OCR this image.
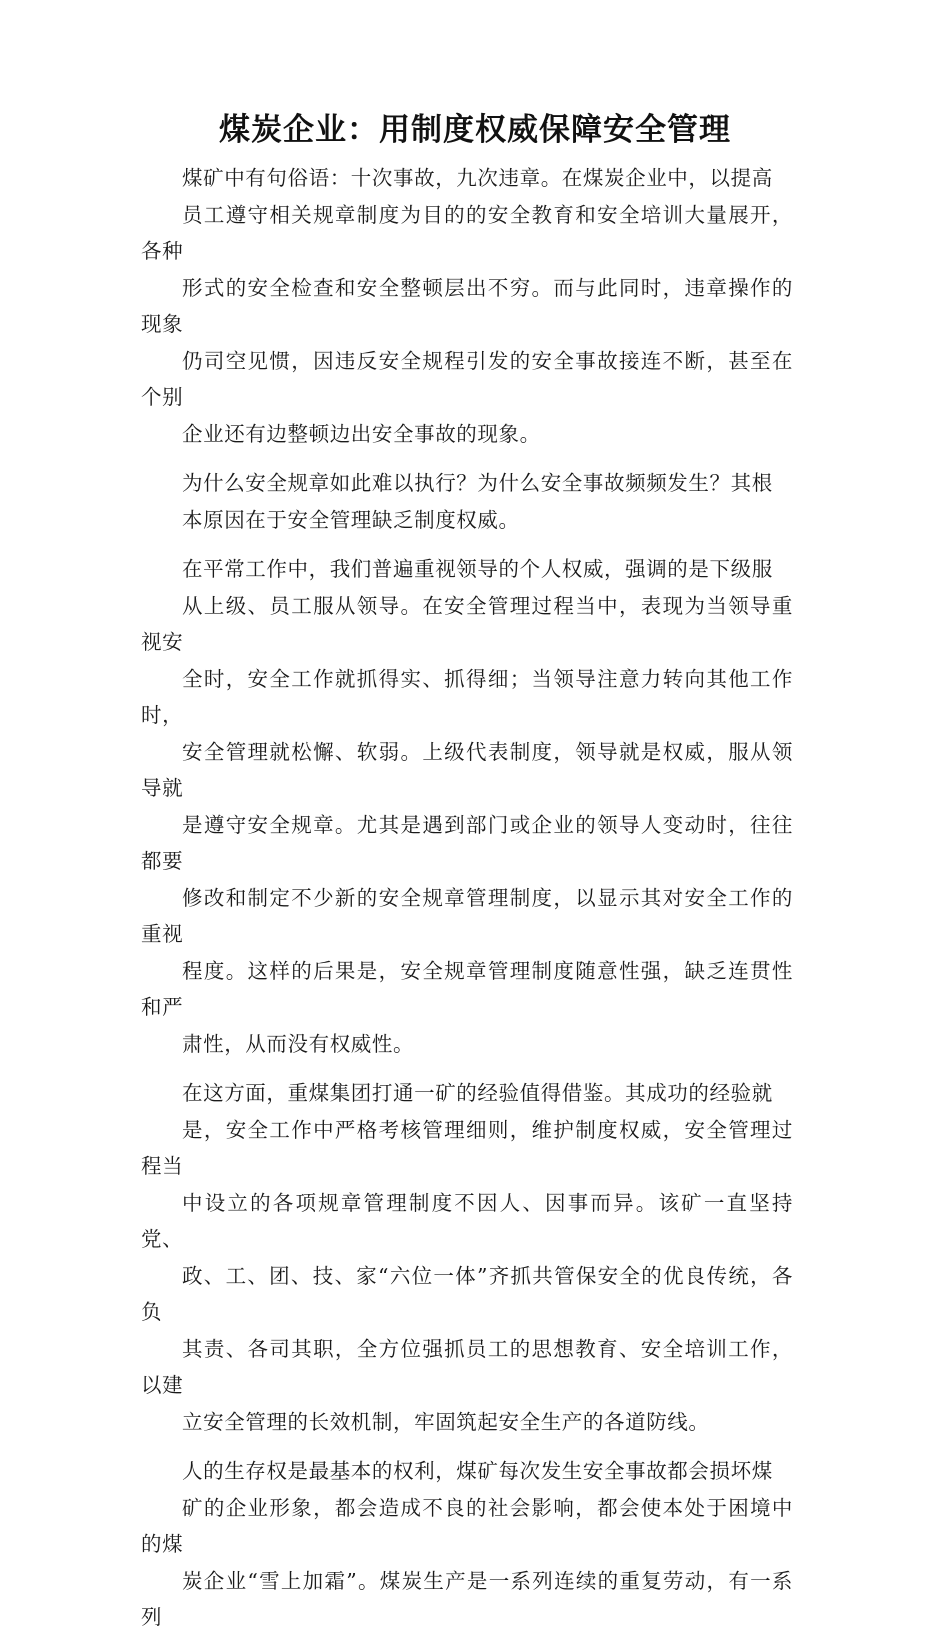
煤炭企业：用制度权威保障安全管理

煤矿中有句俗语：十次事故，九次违章。在煤炭企业中，以提高
员工遵守相关规章制度为目的的安全教育和安全培训大量展开，各种
形式的安全检查和安全整顿层出不穷。而与此同时，违章操作的现象
仍司空见惯，因违反安全规程引发的安全事故接连不断，甚至在个别
企业还有边整顿边出安全事故的现象。

为什么安全规章如此难以执行？为什么安全事故频频发生？其根
本原因在于安全管理缺乏制度权威。

在平常工作中，我们普遍重视领导的个人权威，强调的是下级服
从上级、员工服从领导。在安全管理过程当中，表现为当领导重视安
全时，安全工作就抓得实、抓得细；当领导注意力转向其他工作时，
安全管理就松懈、软弱。上级代表制度，领导就是权威，服从领导就
是遵守安全规章。尤其是遇到部门或企业的领导人变动时，往往都要
修改和制定不少新的安全规章管理制度，以显示其对安全工作的重视
程度。这样的后果是，安全规章管理制度随意性强，缺乏连贯性和严
肃性，从而没有权威性。

在这方面，重煤集团打通一矿的经验值得借鉴。其成功的经验就
是，安全工作中严格考核管理细则，维护制度权威，安全管理过程当
中设立的各项规章管理制度不因人、因事而异。该矿一直坚持党、
政、工、团、技、家“六位一体”齐抓共管保安全的优良传统，各负
其责、各司其职，全方位强抓员工的思想教育、安全培训工作，以建
立安全管理的长效机制，牢固筑起安全生产的各道防线。

人的生存权是最基本的权利，煤矿每次发生安全事故都会损坏煤
矿的企业形象，都会造成不良的社会影响，都会使本处于困境中的煤
炭企业“雪上加霜”。煤炭生产是一系列连续的重复劳动，有一系列
